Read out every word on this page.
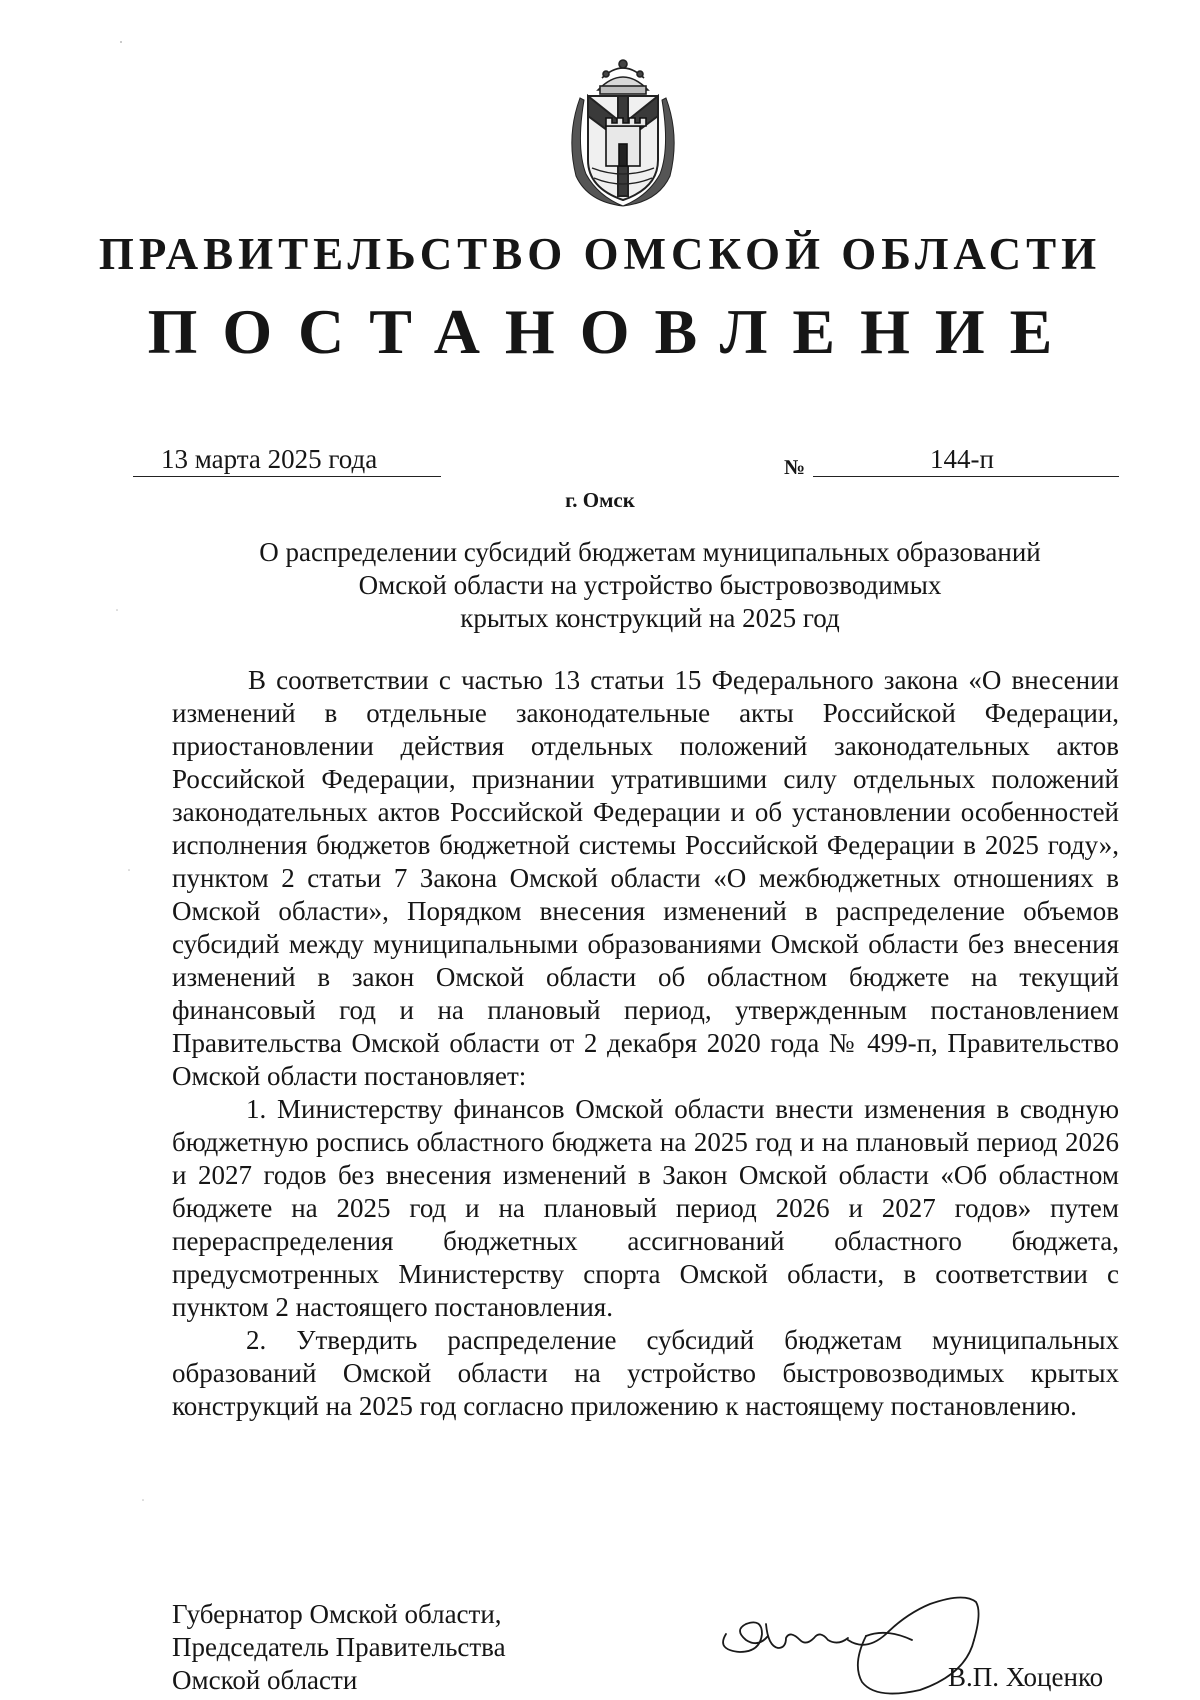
ПРАВИТЕЛЬСТВО ОМСКОЙ ОБЛАСТИ
ПОСТАНОВЛЕНИЕ
13 марта 2025 года	№	144-п
г. Омск
О распределении субсидий бюджетам муниципальных образований
Омской области на устройство быстровозводимых
крытых конструкций на 2025 год

В соответствии с частью 13 статьи 15 Федерального закона «О внесении изменений в отдельные законодательные акты Российской Федерации, приостановлении действия отдельных положений законодательных актов Российской Федерации, признании утратившими силу отдельных положений законодательных актов Российской Федерации и об установлении особенностей исполнения бюджетов бюджетной системы Российской Федерации в 2025 году», пунктом 2 статьи 7 Закона Омской области «О межбюджетных отношениях в Омской области», Порядком внесения изменений в распределение объемов субсидий между муниципальными образованиями Омской области без внесения изменений в закон Омской области об областном бюджете на текущий финансовый год и на плановый период, утвержденным постановлением Правительства Омской области от 2 декабря 2020 года № 499-п, Правительство Омской области постановляет:

1. Министерству финансов Омской области внести изменения в сводную бюджетную роспись областного бюджета на 2025 год и на плановый период 2026 и 2027 годов без внесения изменений в Закон Омской области «Об областном бюджете на 2025 год и на плановый период 2026 и 2027 годов» путем перераспределения бюджетных ассигнований областного бюджета, предусмотренных Министерству спорта Омской области, в соответствии с пунктом 2 настоящего постановления.

2. Утвердить распределение субсидий бюджетам муниципальных образований Омской области на устройство быстровозводимых крытых конструкций на 2025 год согласно приложению к настоящему постановлению.

Губернатор Омской области,
Председатель Правительства
Омской области	В.П. Хоценко
